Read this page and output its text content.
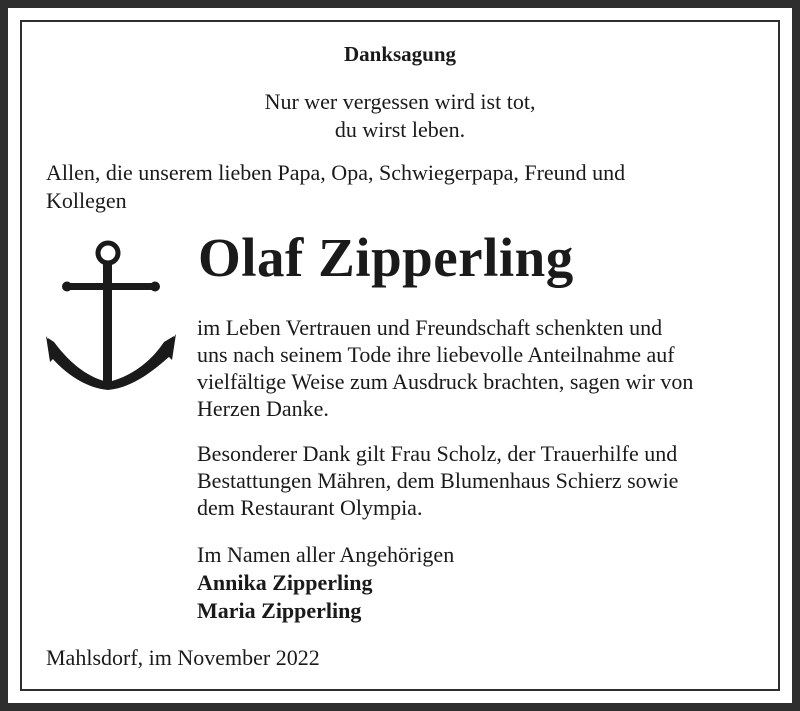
Danksagung
Nur wer vergessen wird ist tot,
du wirst leben.
Allen, die unserem lieben Papa, Opa, Schwiegerpapa, Freund und
Kollegen
Olaf Zipperling
im Leben Vertrauen und Freundschaft schenkten und
uns nach seinem Tode ihre liebevolle Anteilnahme auf
vielfältige Weise zum Ausdruck brachten, sagen wir von
Herzen Danke.
Besonderer Dank gilt Frau Scholz, der Trauerhilfe und
Bestattungen Mähren, dem Blumenhaus Schierz sowie
dem Restaurant Olympia.
Im Namen aller Angehörigen
Annika Zipperling
Maria Zipperling
Mahlsdorf, im November 2022
